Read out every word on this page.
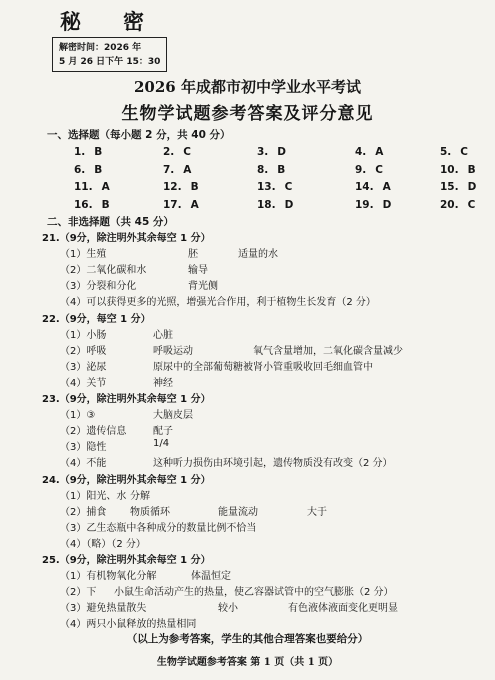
秘 密
解密时间：2026 年
5 月 26 日下午 15：30
2026 年成都市初中学业水平考试
生物学试题参考答案及评分意见
一、选择题（每小题 2 分，共 40 分）
1. B	2. C	3. D	4. A	5. C
6. B	7. A	8. B	9. C	10. B
11. A	12. B	13. C	14. A	15. D
16. B	17. A	18. D	19. D	20. C
二、非选择题（共 45 分）
21.（9分，除注明外其余每空 1 分）
（1）生殖	胚	适量的水
（2）二氧化碳和水	输导
（3）分裂和分化	背光侧
（4）可以获得更多的光照，增强光合作用，利于植物生长发育（2 分）
22.（9分，每空 1 分）
（1）小肠	心脏
（2）呼吸	呼吸运动	氧气含量增加，二氧化碳含量减少
（3）泌尿	原尿中的全部葡萄糖被肾小管重吸收回毛细血管中
（4）关节	神经
23.（9分，除注明外其余每空 1 分）
（1）③	大脑皮层
（2）遗传信息	配子
（3）隐性	1/4
（4）不能	这种听力损伤由环境引起，遗传物质没有改变（2 分）
24.（9分，除注明外其余每空 1 分）
（1）阳光、水 分解
（2）捕食 物质循环	能量流动	大于
（3）乙生态瓶中各种成分的数量比例不恰当
（4）（略）（2 分）
25.（9分，除注明外其余每空 1 分）
（1）有机物氧化分解	体温恒定
（2）下 小鼠生命活动产生的热量，使乙容器试管中的空气膨胀（2 分）
（3）避免热量散失	较小	有色液体液面变化更明显
（4）两只小鼠释放的热量相同
（以上为参考答案，学生的其他合理答案也要给分）
生物学试题参考答案 第 1 页（共 1 页）
